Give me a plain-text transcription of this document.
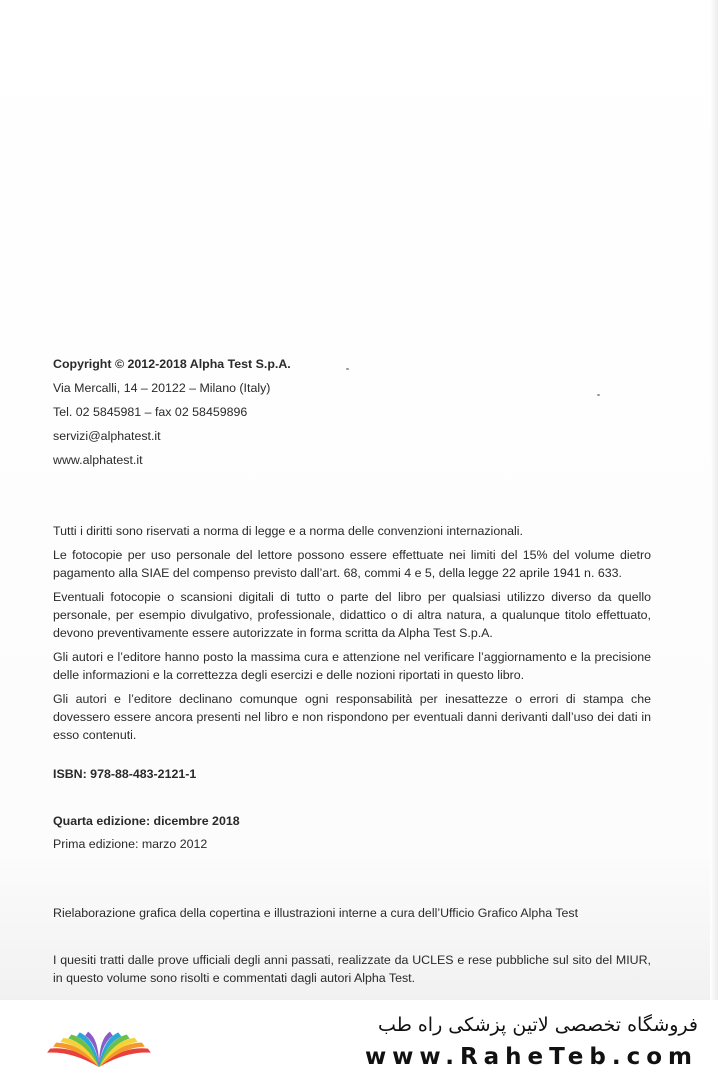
Copyright © 2012-2018 Alpha Test S.p.A.
Via Mercalli, 14 – 20122 – Milano (Italy)
Tel. 02 5845981 – fax 02 58459896
servizi@alphatest.it
www.alphatest.it

Tutti i diritti sono riservati a norma di legge e a norma delle convenzioni internazionali.

Le fotocopie per uso personale del lettore possono essere effettuate nei limiti del 15% del volume dietro pagamento alla SIAE del compenso previsto dall’art. 68, commi 4 e 5, della legge 22 aprile 1941 n. 633.

Eventuali fotocopie o scansioni digitali di tutto o parte del libro per qualsiasi utilizzo diverso da quello personale, per esempio divulgativo, professionale, didattico o di altra natura, a qualunque titolo effettuato, devono preventivamente essere autorizzate in forma scritta da Alpha Test S.p.A.

Gli autori e l’editore hanno posto la massima cura e attenzione nel verificare l’aggiornamento e la precisione delle informazioni e la correttezza degli esercizi e delle nozioni riportati in questo libro.

Gli autori e l’editore declinano comunque ogni responsabilità per inesattezze o errori di stampa che dovessero essere ancora presenti nel libro e non rispondono per eventuali danni derivanti dall’uso dei dati in esso contenuti.

ISBN: 978-88-483-2121-1
Quarta edizione: dicembre 2018
Prima edizione: marzo 2012
Rielaborazione grafica della copertina e illustrazioni interne a cura dell’Ufficio Grafico Alpha Test
I quesiti tratti dalle prove ufficiali degli anni passati, realizzate da UCLES e rese pubbliche sul sito del MIUR, in questo volume sono risolti e commentati dagli autori Alpha Test.
فروشگاه تخصصی لاتین پزشکی راه طب
www.RaheTeb.com
